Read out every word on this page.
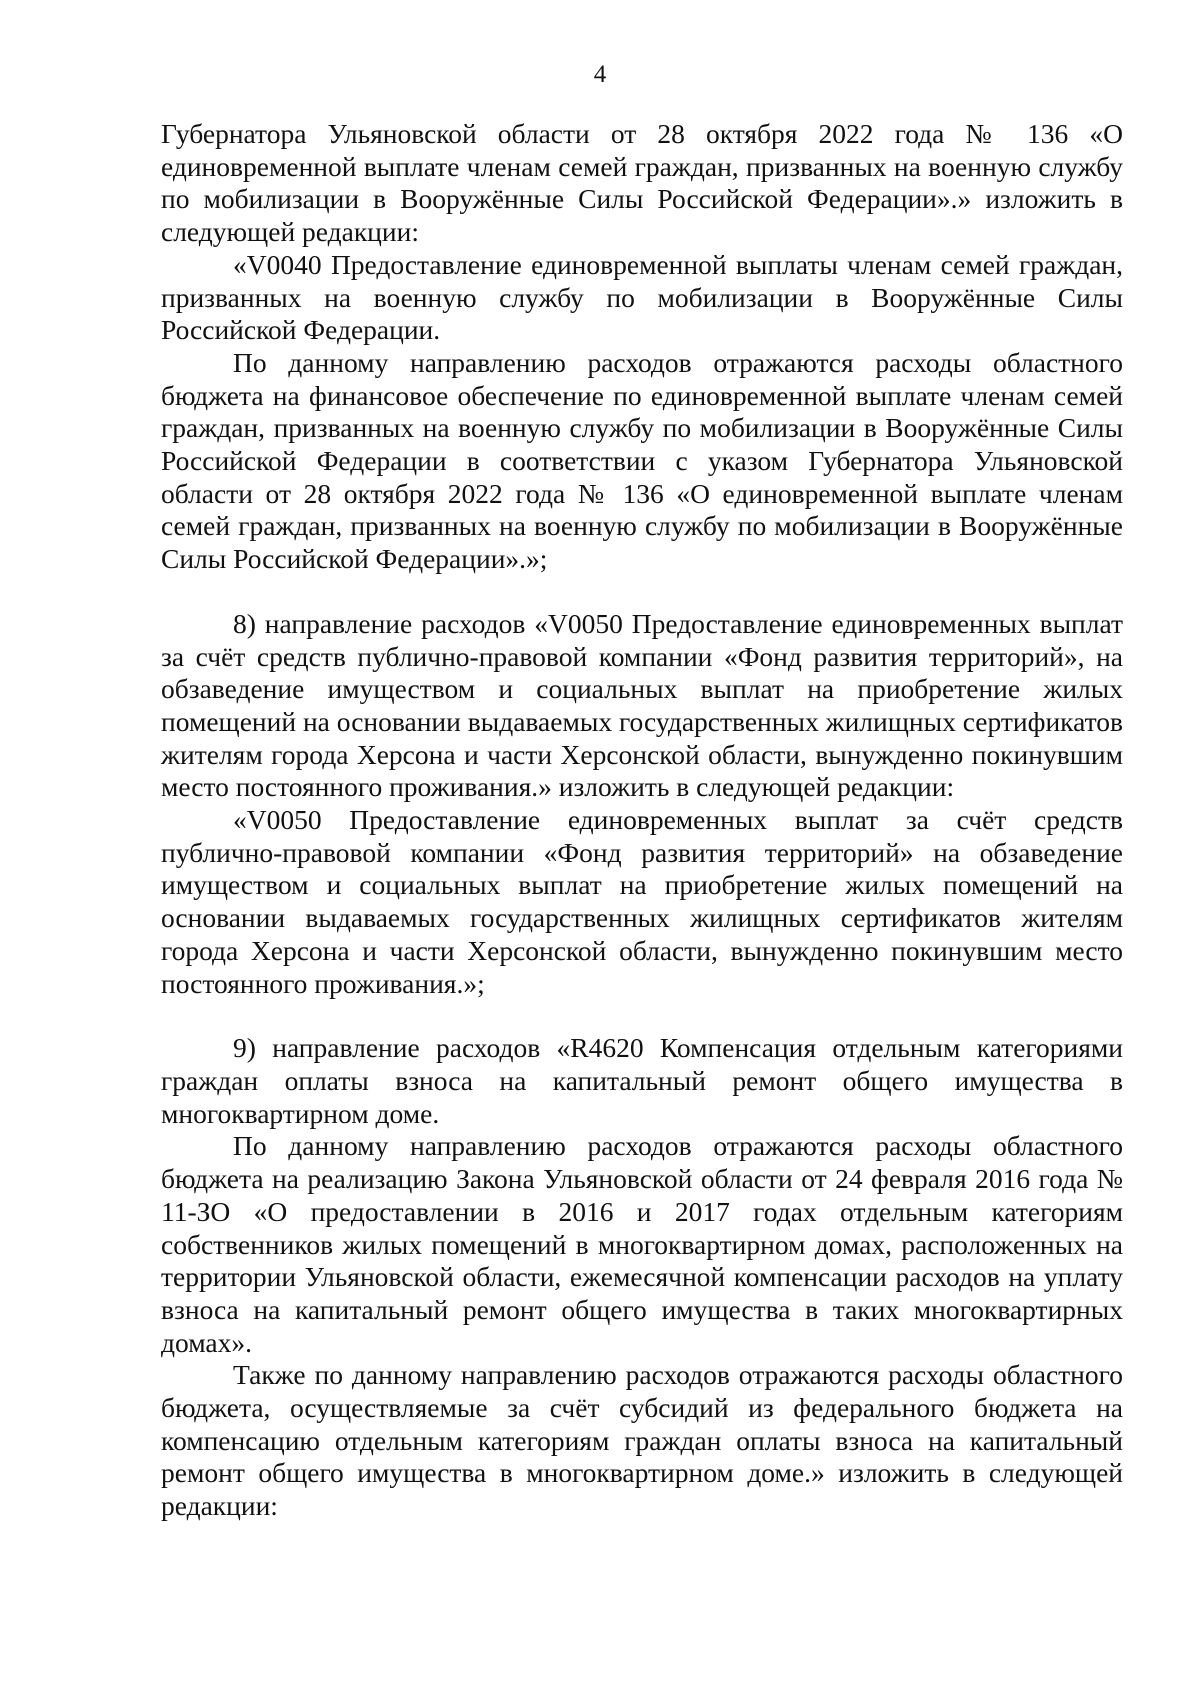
4

Губернатора Ульяновской области от 28 октября 2022 года № 136 «О единовременной выплате членам семей граждан, призванных на военную службу по мобилизации в Вооружённые Силы Российской Федерации».» изложить в следующей редакции:

«V0040 Предоставление единовременной выплаты членам семей граждан, призванных на военную службу по мобилизации в Вооружённые Силы Российской Федерации.

По данному направлению расходов отражаются расходы областного бюджета на финансовое обеспечение по единовременной выплате членам семей граждан, призванных на военную службу по мобилизации в Вооружённые Силы Российской Федерации в соответствии с указом Губернатора Ульяновской области от 28 октября 2022 года № 136 «О единовременной выплате членам семей граждан, призванных на военную службу по мобилизации в Вооружённые Силы Российской Федерации».»;

8) направление расходов «V0050 Предоставление единовременных выплат за счёт средств публично-правовой компании «Фонд развития территорий», на обзаведение имуществом и социальных выплат на приобретение жилых помещений на основании выдаваемых государственных жилищных сертификатов жителям города Херсона и части Херсонской области, вынужденно покинувшим место постоянного проживания.» изложить в следующей редакции:

«V0050 Предоставление единовременных выплат за счёт средств публично-правовой компании «Фонд развития территорий» на обзаведение имуществом и социальных выплат на приобретение жилых помещений на основании выдаваемых государственных жилищных сертификатов жителям города Херсона и части Херсонской области, вынужденно покинувшим место постоянного проживания.»;

9) направление расходов «R4620 Компенсация отдельным категориями граждан оплаты взноса на капитальный ремонт общего имущества в многоквартирном доме.

По данному направлению расходов отражаются расходы областного бюджета на реализацию Закона Ульяновской области от 24 февраля 2016 года № 11-ЗО «О предоставлении в 2016 и 2017 годах отдельным категориям собственников жилых помещений в многоквартирном домах, расположенных на территории Ульяновской области, ежемесячной компенсации расходов на уплату взноса на капитальный ремонт общего имущества в таких многоквартирных домах».

Также по данному направлению расходов отражаются расходы областного бюджета, осуществляемые за счёт субсидий из федерального бюджета на компенсацию отдельным категориям граждан оплаты взноса на капитальный ремонт общего имущества в многоквартирном доме.» изложить в следующей редакции:
